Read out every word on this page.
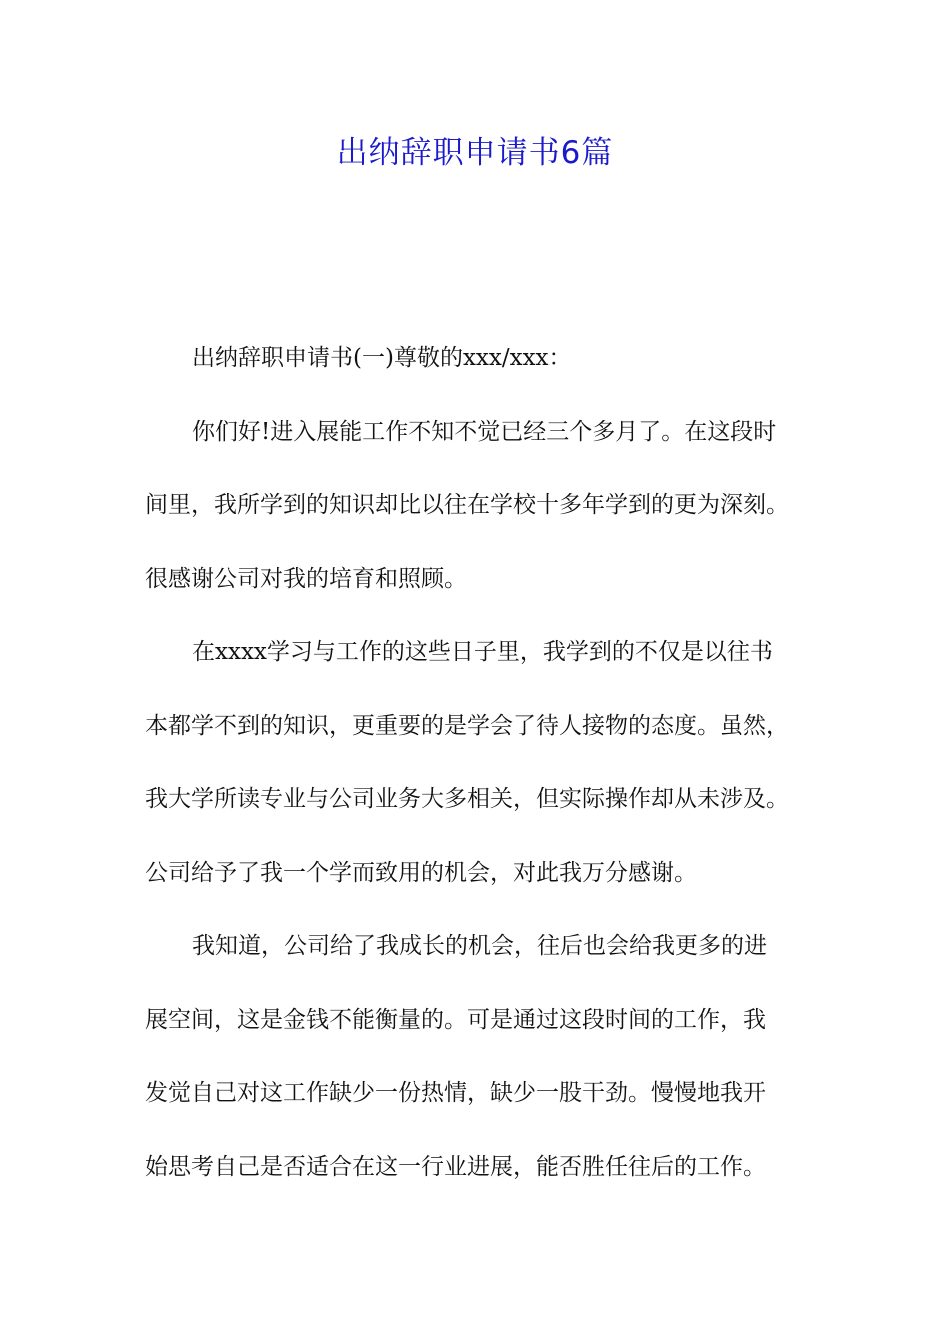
出纳辞职申请书6篇
出纳辞职申请书(一)尊敬的xxx/xxx：
你们好!进入展能工作不知不觉已经三个多月了。在这段时
间里，我所学到的知识却比以往在学校十多年学到的更为深刻。
很感谢公司对我的培育和照顾。
在xxxx学习与工作的这些日子里，我学到的不仅是以往书
本都学不到的知识，更重要的是学会了待人接物的态度。虽然，
我大学所读专业与公司业务大多相关，但实际操作却从未涉及。
公司给予了我一个学而致用的机会，对此我万分感谢。
我知道，公司给了我成长的机会，往后也会给我更多的进
展空间，这是金钱不能衡量的。可是通过这段时间的工作，我
发觉自己对这工作缺少一份热情，缺少一股干劲。慢慢地我开
始思考自己是否适合在这一行业进展，能否胜任往后的工作。
